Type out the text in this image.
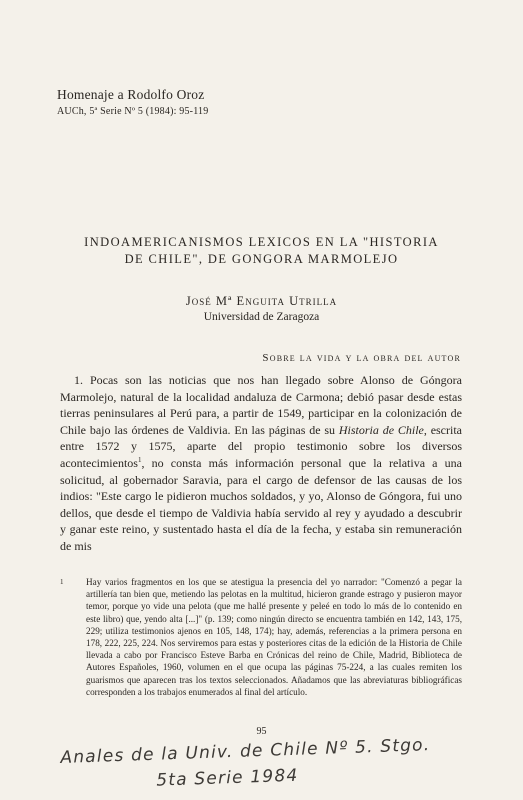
Homenaje a Rodolfo Oroz
AUCh, 5ª Serie Nº 5 (1984): 95-119
INDOAMERICANISMOS LEXICOS EN LA "HISTORIA
DE CHILE", DE GONGORA MARMOLEJO
José Mª Enguita Utrilla
Universidad de Zaragoza
Sobre la vida y la obra del autor

1. Pocas son las noticias que nos han llegado sobre Alonso de Góngora Marmolejo, natural de la localidad andaluza de Carmona; debió pasar desde estas tierras peninsulares al Perú para, a partir de 1549, participar en la colonización de Chile bajo las órdenes de Valdivia. En las páginas de su Historia de Chile, escrita entre 1572 y 1575, aparte del propio testimonio sobre los diversos acontecimientos$^1$, no consta más información personal que la relativa a una solicitud, al gobernador Saravia, para el cargo de defensor de las causas de los indios: "Este cargo le pidieron muchos soldados, y yo, Alonso de Góngora, fui uno dellos, que desde el tiempo de Valdivia había servido al rey y ayudado a descubrir y ganar este reino, y sustentado hasta el día de la fecha, y estaba sin remuneración de mis

1	Hay varios fragmentos en los que se atestigua la presencia del yo narrador: "Comenzó a pegar la artillería tan bien que, metiendo las pelotas en la multitud, hicieron grande estrago y pusieron mayor temor, porque yo vide una pelota (que me hallé presente y peleé en todo lo más de lo contenido en este libro) que, yendo alta [...]" (p. 139; como ningún directo se encuentra también en 142, 143, 175, 229; utiliza testimonios ajenos en 105, 148, 174); hay, además, referencias a la primera persona en 178, 222, 225, 224. Nos serviremos para estas y posteriores citas de la edición de la Historia de Chile llevada a cabo por Francisco Esteve Barba en Crónicas del reino de Chile, Madrid, Biblioteca de Autores Españoles, 1960, volumen en el que ocupa las páginas 75-224, a las cuales remiten los guarismos que aparecen tras los textos seleccionados. Añadamos que las abreviaturas bibliográficas corresponden a los trabajos enumerados al final del artículo.

95
Anales de la Univ. de Chile Nº 5. Stgo.
5ta Serie 1984
